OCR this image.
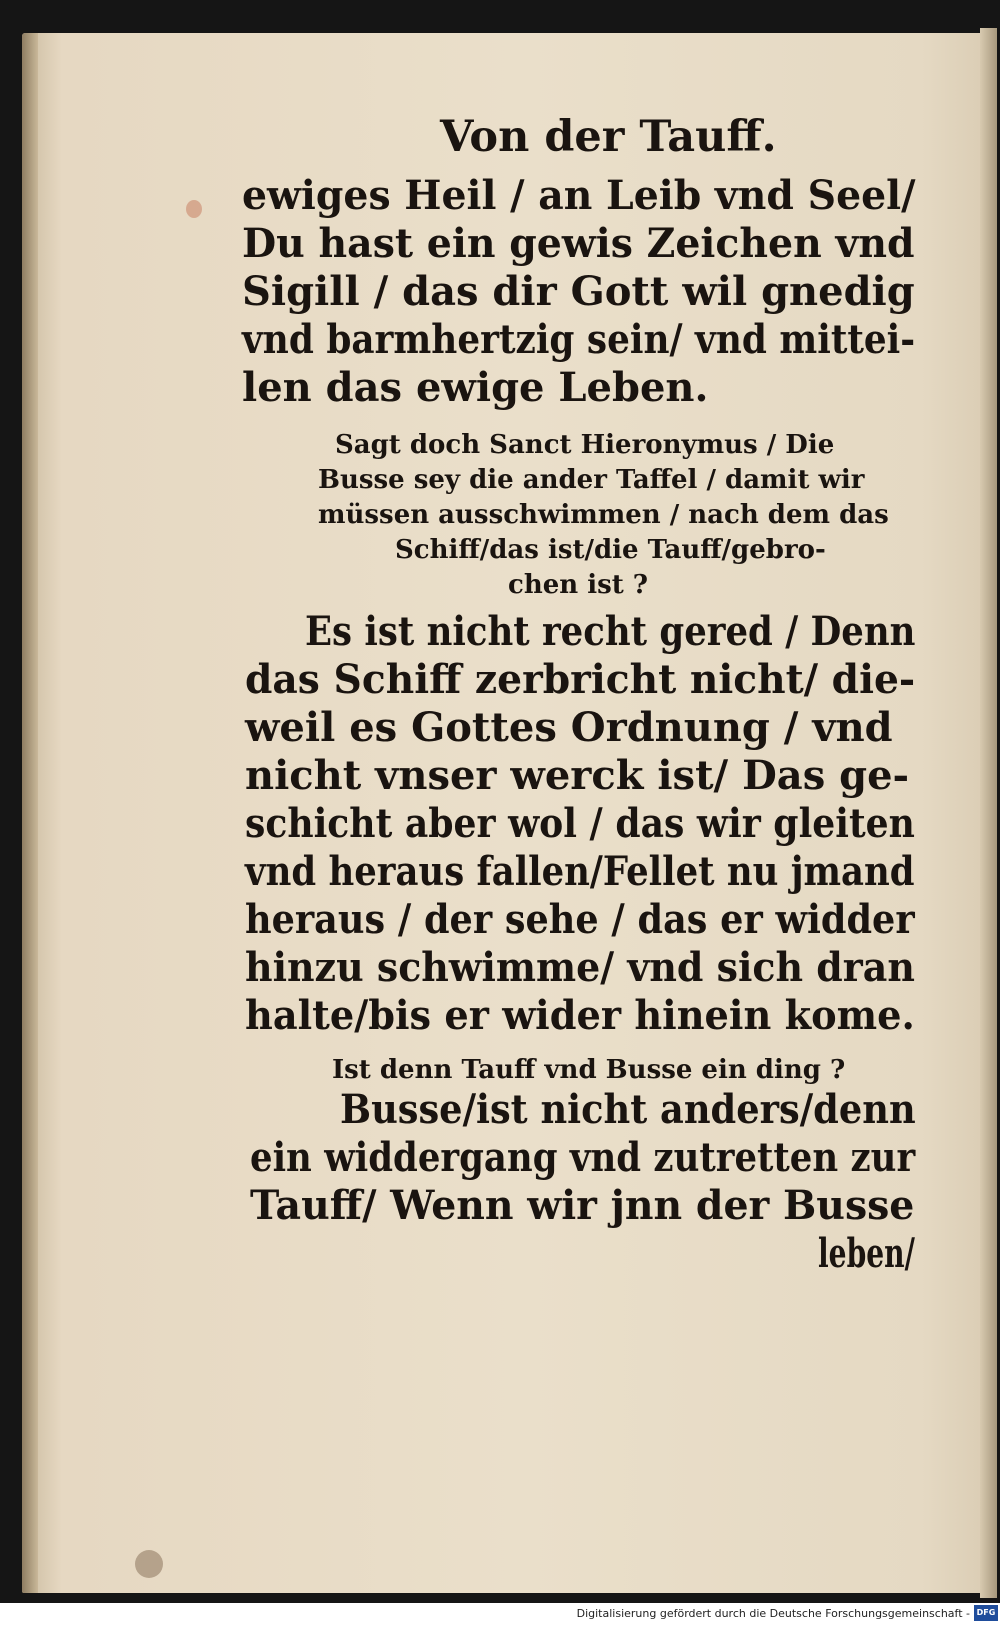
Von der Tauff.
ewiges Heil / an Leib vnd Seel/
Du hast ein gewis Zeichen vnd
Sigill / das dir Gott wil gnedig
vnd barmhertzig sein/ vnd mittei-
len das ewige Leben.
Sagt doch Sanct Hieronymus / Die
Busse sey die ander Taffel / damit wir
müssen ausschwimmen / nach dem das
Schiff/das ist/die Tauff/gebro-
chen ist ?
Es ist nicht recht gered / Denn
das Schiff zerbricht nicht/ die-
weil es Gottes Ordnung / vnd
nicht vnser werck ist/ Das ge-
schicht aber wol / das wir gleiten
vnd heraus fallen/Fellet nu jmand
heraus / der sehe / das er widder
hinzu schwimme/ vnd sich dran
halte/bis er wider hinein kome.
Ist denn Tauff vnd Busse ein ding ?
Busse/ist nicht anders/denn
ein widdergang vnd zutretten zur
Tauff/ Wenn wir jnn der Busse
leben/
Digitalisierung gefördert durch die Deutsche Forschungsgemeinschaft - DFG
